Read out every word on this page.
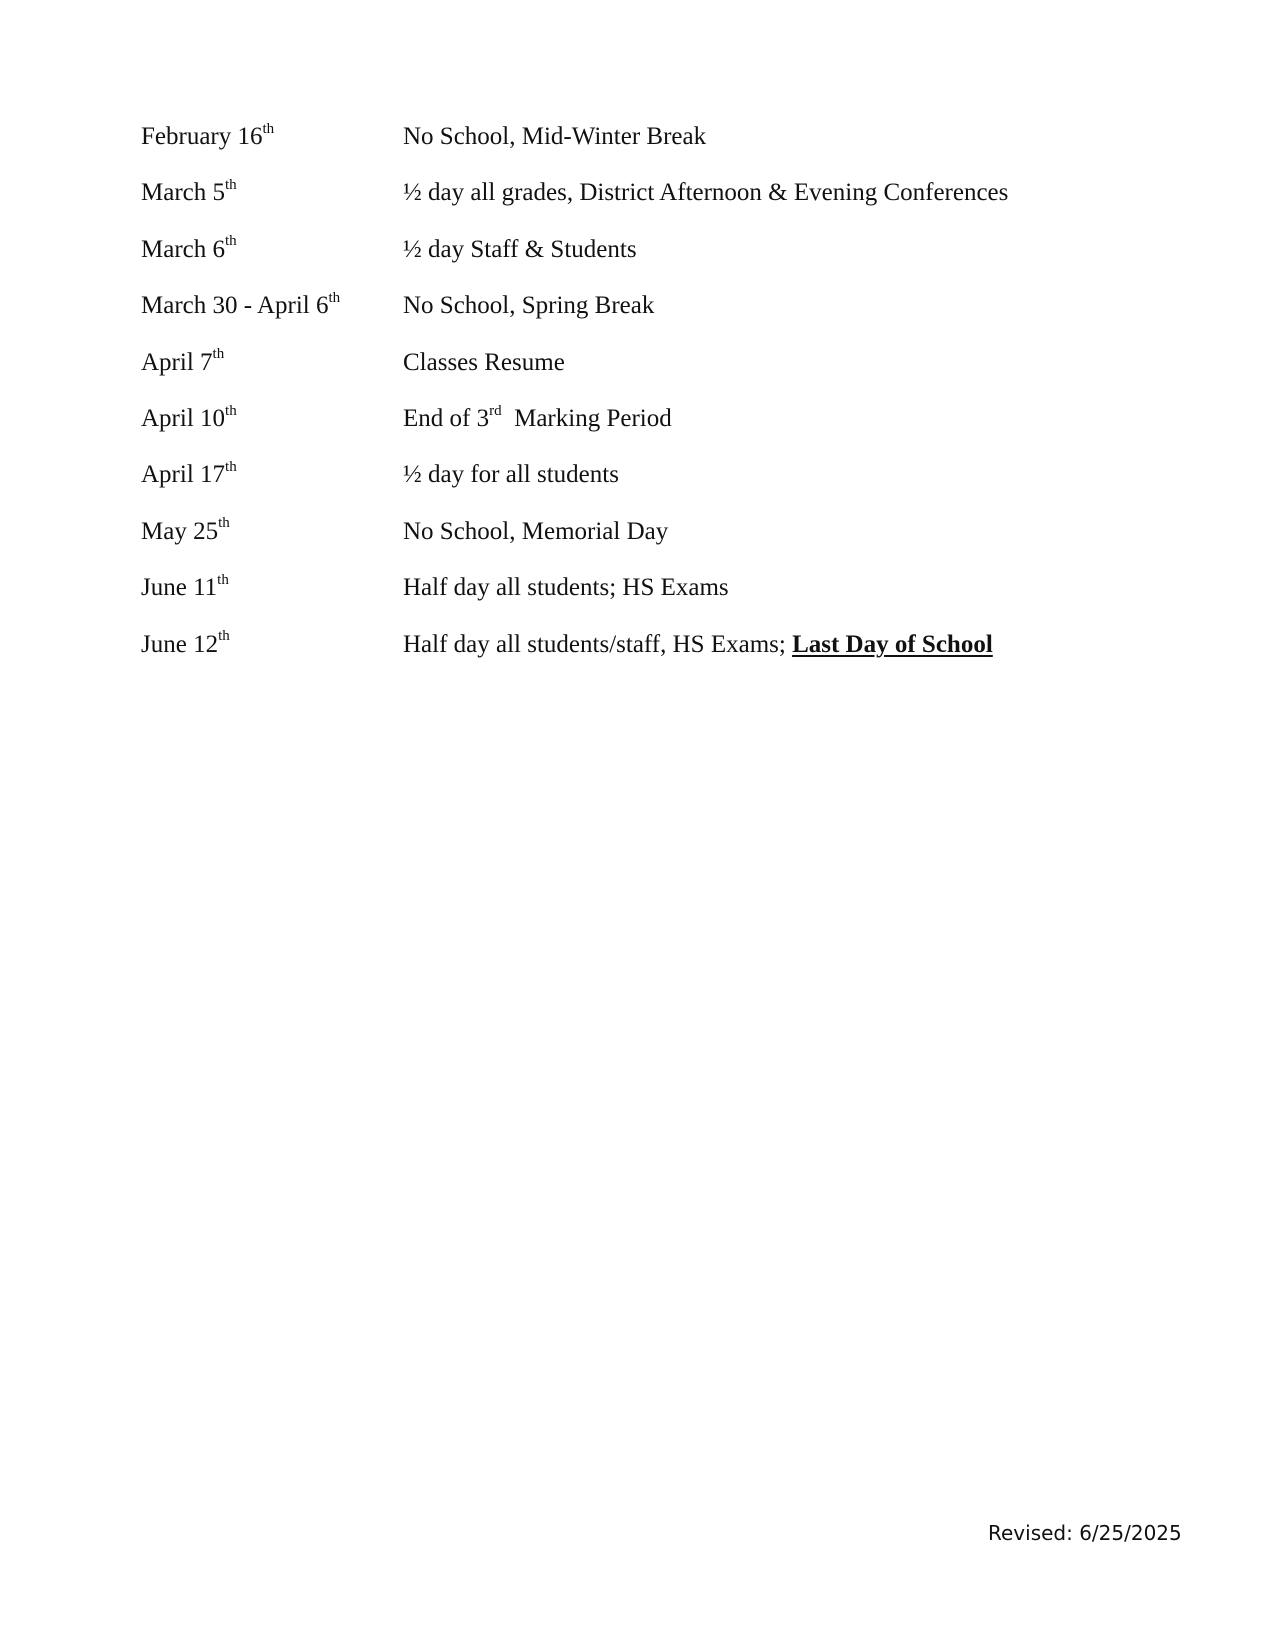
February 16th	No School, Mid-Winter Break
March 5th	½ day all grades, District Afternoon & Evening Conferences
March 6th	½ day Staff & Students
March 30 - April 6th	No School, Spring Break
April 7th	Classes Resume
April 10th	End of 3rd  Marking Period
April 17th	½ day for all students
May 25th	No School, Memorial Day
June 11th	Half day all students; HS Exams
June 12th	Half day all students/staff, HS Exams; Last Day of School
Revised: 6/25/2025
